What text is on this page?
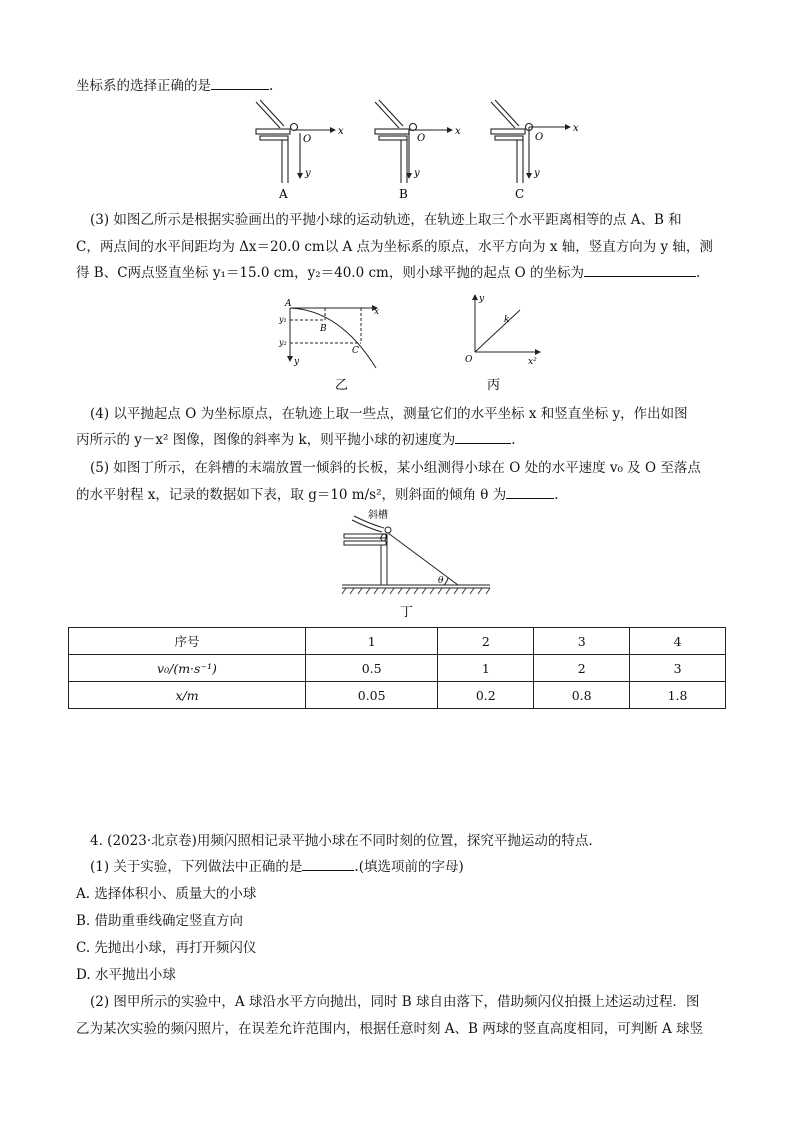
坐标系的选择正确的是	.
x
O
y
A
x
O
y
B
x
O
y
C
(3) 如图乙所示是根据实验画出的平抛小球的运动轨迹，在轨迹上取三个水平距离相等的点 A、B 和
C，两点间的水平间距均为 Δx＝20.0 cm以 A 点为坐标系的原点，水平方向为 x 轴，竖直方向为 y 轴，测
得 B、C两点竖直坐标 y₁＝15.0 cm，y₂＝40.0 cm，则小球平抛的起点 O 的坐标为	.
A
B
C
y₁
y₂
x
y
乙
y
O
k
x²
丙
(4) 以平抛起点 O 为坐标原点，在轨迹上取一些点，测量它们的水平坐标 x 和竖直坐标 y，作出如图
丙所示的 y－x² 图像，图像的斜率为 k，则平抛小球的初速度为	.
(5) 如图丁所示，在斜槽的末端放置一倾斜的长板，某小组测得小球在 O 处的水平速度 v₀ 及 O 至落点
的水平射程 x，记录的数据如下表，取 g＝10 m/s²，则斜面的倾角 θ 为	.
斜槽
O
θ
丁
序号	1	2	3	4
v₀/(m·s⁻¹)	0.5	1	2	3
x/m	0.05	0.2	0.8	1.8
4. (2023·北京卷)用频闪照相记录平抛小球在不同时刻的位置，探究平抛运动的特点.
(1) 关于实验，下列做法中正确的是	.(填选项前的字母)
A. 选择体积小、质量大的小球
B. 借助重垂线确定竖直方向
C. 先抛出小球，再打开频闪仪
D. 水平抛出小球
(2) 图甲所示的实验中，A 球沿水平方向抛出，同时 B 球自由落下，借助频闪仪拍摄上述运动过程．图
乙为某次实验的频闪照片，在误差允许范围内，根据任意时刻 A、B 两球的竖直高度相同，可判断 A 球竖
